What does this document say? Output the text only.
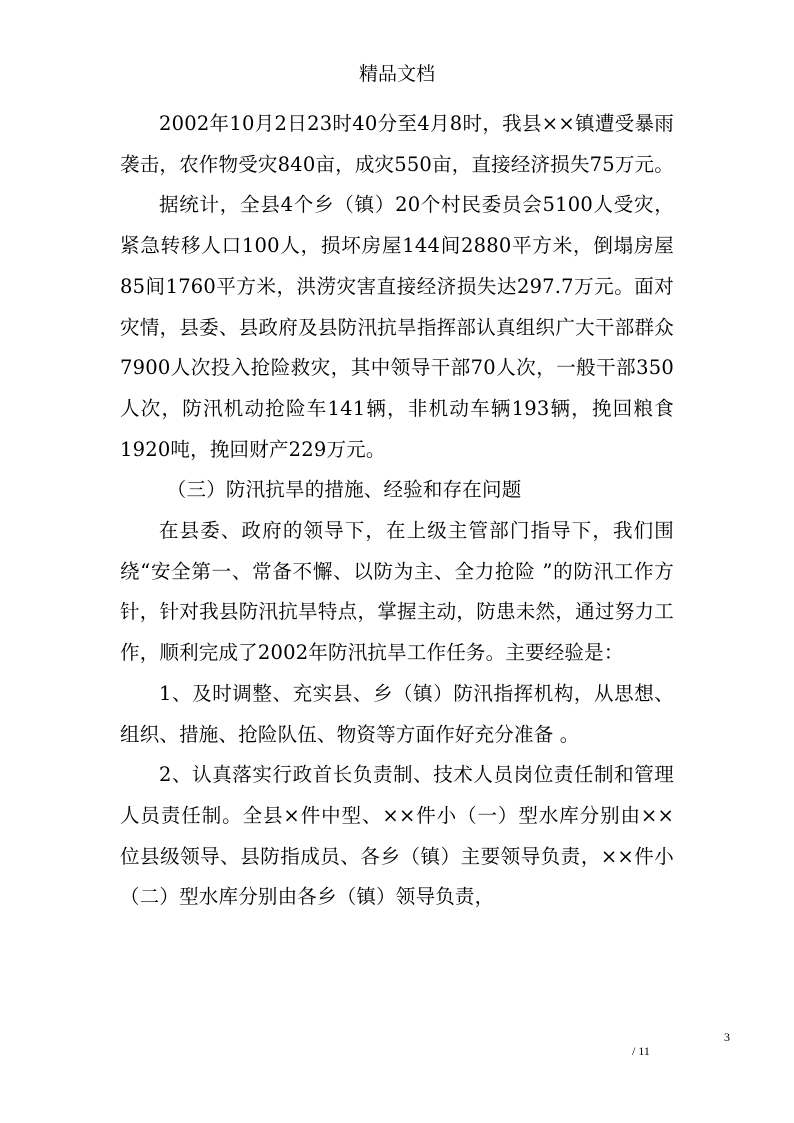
精品文档

2002年10月2日23时40分至4月8时，我县××镇遭受暴雨袭击，农作物受灾840亩，成灾550亩，直接经济损失75万元。

据统计，全县4个乡（镇）20个村民委员会5100人受灾，紧急转移人口100人，损坏房屋144间2880平方米，倒塌房屋85间1760平方米，洪涝灾害直接经济损失达297.7万元。面对灾情，县委、县政府及县防汛抗旱指挥部认真组织广大干部群众7900人次投入抢险救灾，其中领导干部70人次，一般干部350人次，防汛机动抢险车141辆，非机动车辆193辆，挽回粮食1920吨，挽回财产229万元。

（三）防汛抗旱的措施、经验和存在问题

在县委、政府的领导下，在上级主管部门指导下，我们围绕“安全第一、常备不懈、以防为主、全力抢险 ”的防汛工作方针，针对我县防汛抗旱特点，掌握主动，防患未然，通过努力工作，顺利完成了2002年防汛抗旱工作任务。主要经验是：

1、及时调整、充实县、乡（镇）防汛指挥机构，从思想、组织、措施、抢险队伍、物资等方面作好充分准备 。

2、认真落实行政首长负责制、技术人员岗位责任制和管理人员责任制。全县×件中型、××件小（一）型水库分别由××位县级领导、县防指成员、各乡（镇）主要领导负责，××件小（二）型水库分别由各乡（镇）领导负责，

3
/ 11
